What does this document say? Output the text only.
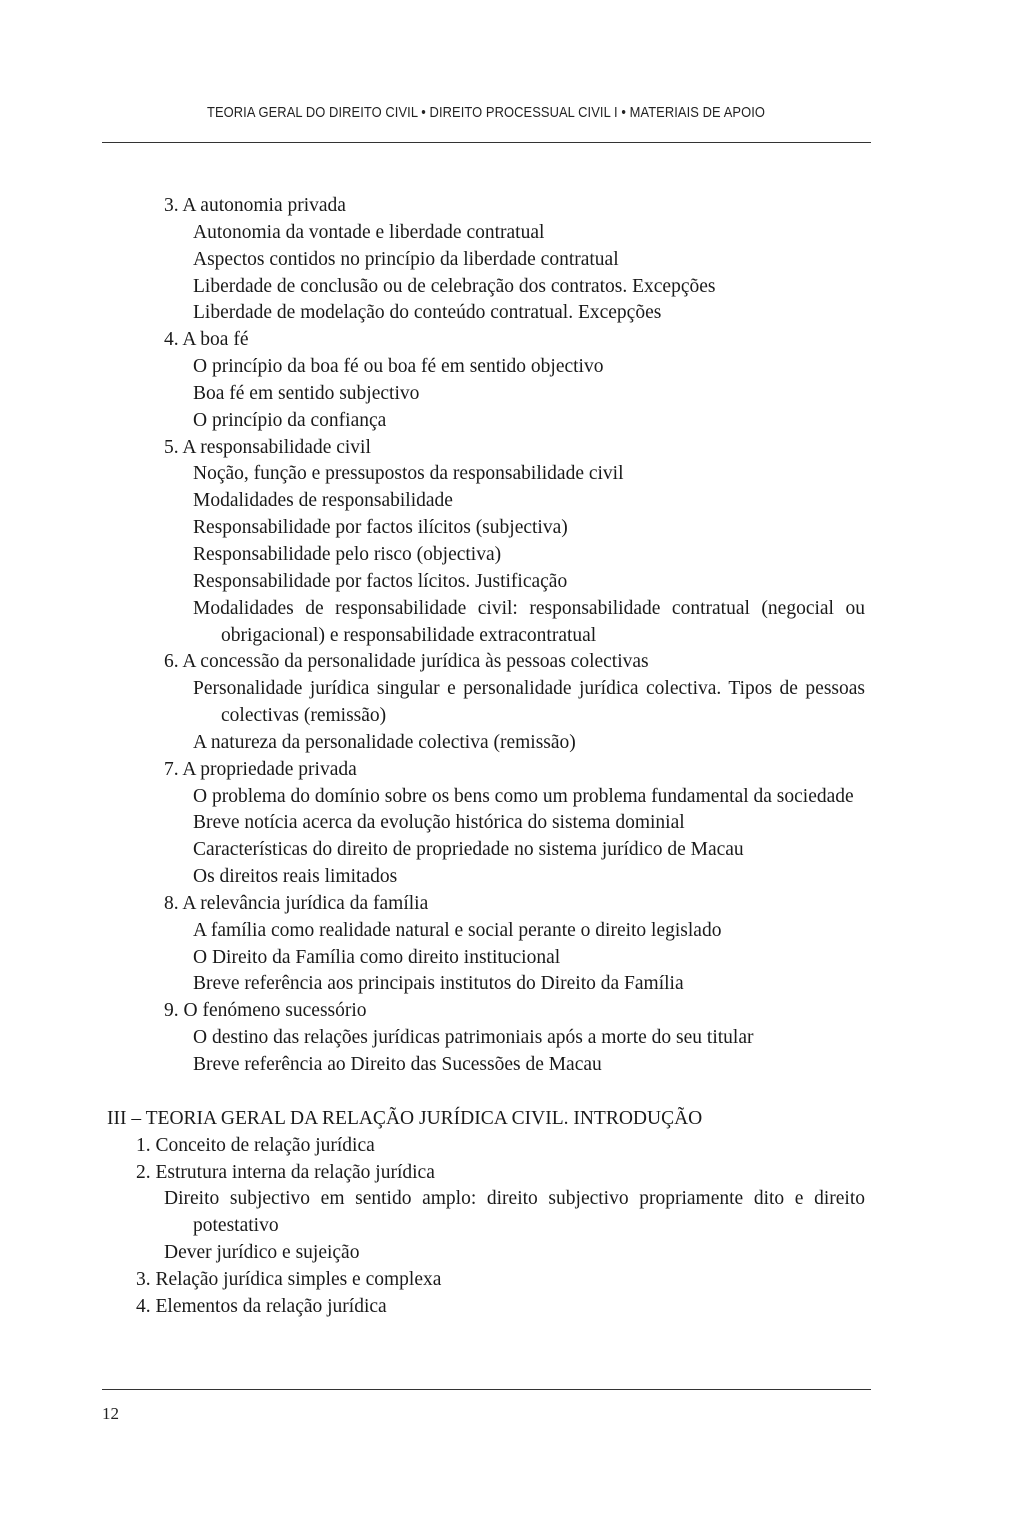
TEORIA GERAL DO DIREITO CIVIL • DIREITO PROCESSUAL CIVIL I • MATERIAIS DE APOIO
3. A autonomia privada
Autonomia da vontade e liberdade contratual
Aspectos contidos no princípio da liberdade contratual
Liberdade de conclusão ou de celebração dos contratos. Excepções
Liberdade de modelação do conteúdo contratual. Excepções
4. A boa fé
O princípio da boa fé ou boa fé em sentido objectivo
Boa fé em sentido subjectivo
O princípio da confiança
5. A responsabilidade civil
Noção, função e pressupostos da responsabilidade civil
Modalidades de responsabilidade
Responsabilidade por factos ilícitos (subjectiva)
Responsabilidade pelo risco (objectiva)
Responsabilidade por factos lícitos. Justificação
Modalidades de responsabilidade civil: responsabilidade contratual (negocial ou
obrigacional) e responsabilidade extracontratual
6. A concessão da personalidade jurídica às pessoas colectivas
Personalidade jurídica singular e personalidade jurídica colectiva. Tipos de pessoas
colectivas (remissão)
A natureza da personalidade colectiva (remissão)
7. A propriedade privada
O problema do domínio sobre os bens como um problema fundamental da sociedade
Breve notícia acerca da evolução histórica do sistema dominial
Características do direito de propriedade no sistema jurídico de Macau
Os direitos reais limitados
8. A relevância jurídica da família
A família como realidade natural e social perante o direito legislado
O Direito da Família como direito institucional
Breve referência aos principais institutos do Direito da Família
9. O fenómeno sucessório
O destino das relações jurídicas patrimoniais após a morte do seu titular
Breve referência ao Direito das Sucessões de Macau
III – TEORIA GERAL DA RELAÇÃO JURÍDICA CIVIL. INTRODUÇÃO
1. Conceito de relação jurídica
2. Estrutura interna da relação jurídica
Direito subjectivo em sentido amplo: direito subjectivo propriamente dito e direito
potestativo
Dever jurídico e sujeição
3. Relação jurídica simples e complexa
4. Elementos da relação jurídica
12
